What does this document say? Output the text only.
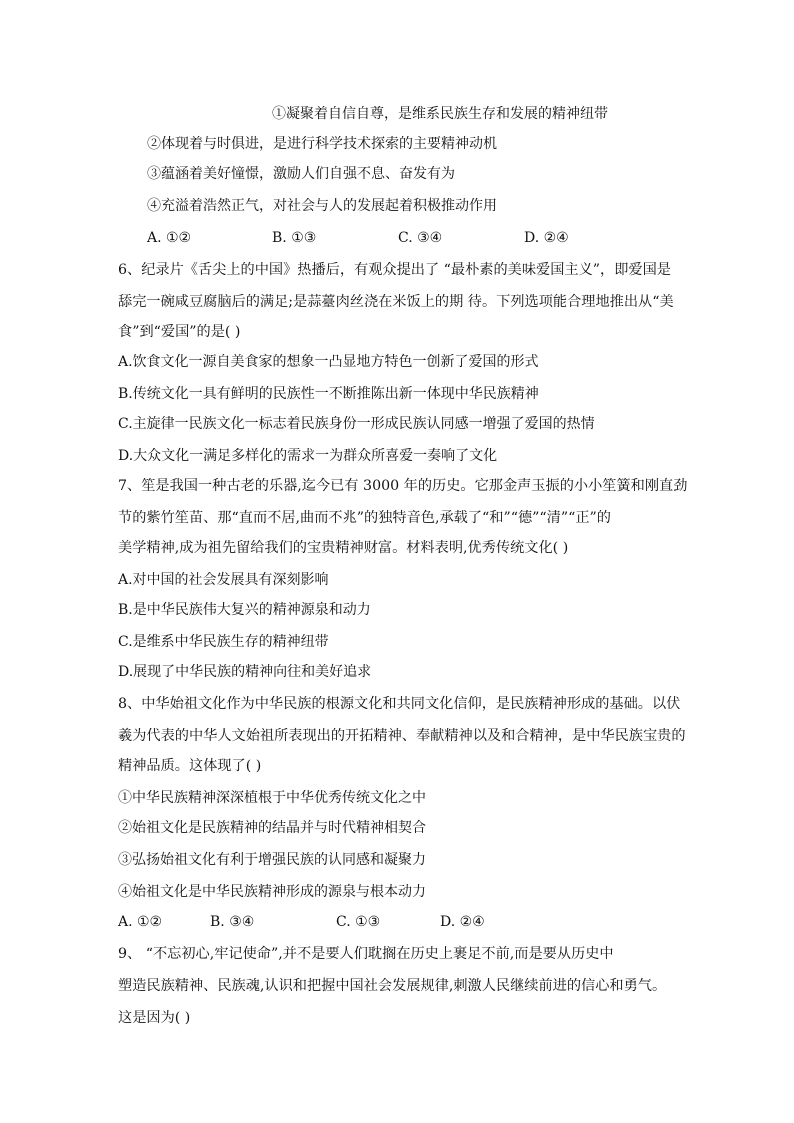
①凝聚着自信自尊，是维系民族生存和发展的精神纽带
②体现着与时俱进，是进行科学技术探索的主要精神动机
③蕴涵着美好憧憬，激励人们自强不息、奋发有为
④充溢着浩然正气，对社会与人的发展起着积极推动作用
A. ①②	B. ①③	C. ③④	D. ②④
6、纪录片《舌尖上的中国》热播后，有观众提出了 “最朴素的美味爱国主义”，即爱国是
舔完一碗咸豆腐脑后的满足;是蒜薹肉丝浇在米饭上的期 待。下列选项能合理地推出从“美
食”到“爱国”的是( )
A.饮食文化一源自美食家的想象一凸显地方特色一创新了爱国的形式
B.传统文化一具有鲜明的民族性一不断推陈出新一体现中华民族精神
C.主旋律一民族文化一标志着民族身份一形成民族认同感一增强了爱国的热情
D.大众文化一满足多样化的需求一为群众所喜爱一奏响了文化
7、笙是我国一种古老的乐器,迄今已有 3000 年的历史。它那金声玉振的小小笙簧和刚直劲
节的紫竹笙苗、那“直而不居,曲而不兆”的独特音色,承载了“和”“德”“清”“正”的
美学精神,成为祖先留给我们的宝贵精神财富。材料表明,优秀传统文化( )
A.对中国的社会发展具有深刻影响
B.是中华民族伟大复兴的精神源泉和动力
C.是维系中华民族生存的精神纽带
D.展现了中华民族的精神向往和美好追求
8、中华始祖文化作为中华民族的根源文化和共同文化信仰，是民族精神形成的基础。以伏
羲为代表的中华人文始祖所表现出的开拓精神、奉献精神以及和合精神，是中华民族宝贵的
精神品质。这体现了( )
①中华民族精神深深植根于中华优秀传统文化之中
②始祖文化是民族精神的结晶并与时代精神相契合
③弘扬始祖文化有利于增强民族的认同感和凝聚力
④始祖文化是中华民族精神形成的源泉与根本动力
A. ①②	B. ③④	C. ①③	D. ②④
9、 “不忘初心,牢记使命”,并不是要人们耽搁在历史上裹足不前,而是要从历史中
塑造民族精神、民族魂,认识和把握中国社会发展规律,刺激人民继续前进的信心和勇气。
这是因为( )
